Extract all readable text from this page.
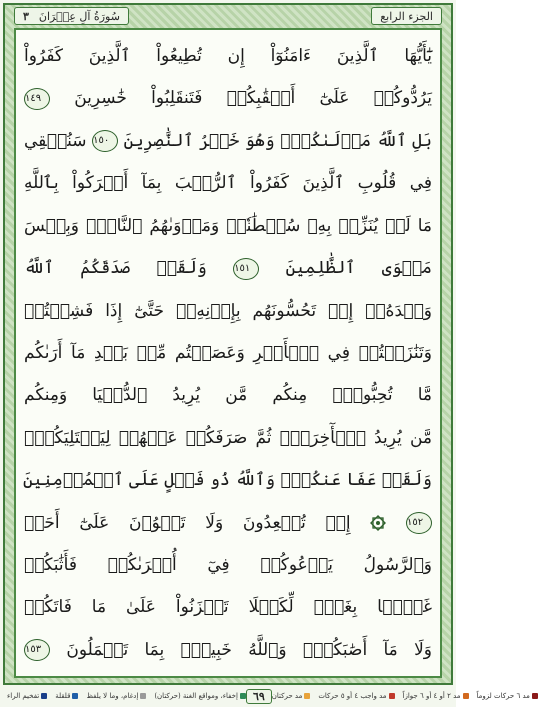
٣ سُورَةُ آلِ عِمۡرَانَ	الجزء الرابع
يَٰٓأَيُّهَا ٱلَّذِينَ ءَامَنُوٓاْ إِن تُطِيعُواْ ٱلَّذِينَ كَفَرُواْ
يَرُدُّوكُمۡ عَلَىٰٓ أَعۡقَٰبِكُمۡ فَتَنقَلِبُواْ خَٰسِرِينَ ١٤٩
بَلِ ٱللَّهُ مَوۡلَىٰكُمۡۖ وَهُوَ خَيۡرُ ٱلنَّٰصِرِينَ ١٥٠ سَنُلۡقِي
فِي قُلُوبِ ٱلَّذِينَ كَفَرُواْ ٱلرُّعۡبَ بِمَآ أَشۡرَكُواْ بِٱللَّهِ
مَا لَمۡ يُنَزِّلۡ بِهِۦ سُلۡطَٰنٗاۖ وَمَأۡوَىٰهُمُ ٱلنَّارُۖ وَبِئۡسَ
مَثۡوَى ٱلظَّٰلِمِينَ ١٥١ وَلَقَدۡ صَدَقَكُمُ ٱللَّهُ
وَعۡدَهُۥٓ إِذۡ تَحُسُّونَهُم بِإِذۡنِهِۦۖ حَتَّىٰٓ إِذَا فَشِلۡتُمۡ
وَتَنَٰزَعۡتُمۡ فِي ٱلۡأَمۡرِ وَعَصَيۡتُم مِّنۢ بَعۡدِ مَآ أَرَىٰكُم
مَّا تُحِبُّونَۚ مِنكُم مَّن يُرِيدُ ٱلدُّنۡيَا وَمِنكُم
مَّن يُرِيدُ ٱلۡأٓخِرَةَۚ ثُمَّ صَرَفَكُمۡ عَنۡهُمۡ لِيَبۡتَلِيَكُمۡۖ
وَلَقَدۡ عَفَا عَنكُمۡۗ وَٱللَّهُ ذُو فَضۡلٍ عَلَى ٱلۡمُؤۡمِنِينَ
١٥٢  إِذۡ تُصۡعِدُونَ وَلَا تَلۡوُۥنَ عَلَىٰٓ أَحَدٖ
وَٱلرَّسُولُ يَدۡعُوكُمۡ فِيٓ أُخۡرَىٰكُمۡ فَأَثَٰبَكُمۡ
غَمَّۢا بِغَمّٖ لِّكَيۡلَا تَحۡزَنُواْ عَلَىٰ مَا فَاتَكُمۡ
وَلَا مَآ أَصَٰبَكُمۡۗ وَٱللَّهُ خَبِيرُۢ بِمَا تَعۡمَلُونَ ١٥٣
إخفاء، ومواقع الغنة (حركتان)
إدغام، وما لا يلفظ
قلقلة
تفخيم الراء	٦٩	مد ٦ حركات لزوماً
مد ٢ أو ٤ أو ٦ جوازاً
مد واجب ٤ أو ٥ حركات
مد حركتان
